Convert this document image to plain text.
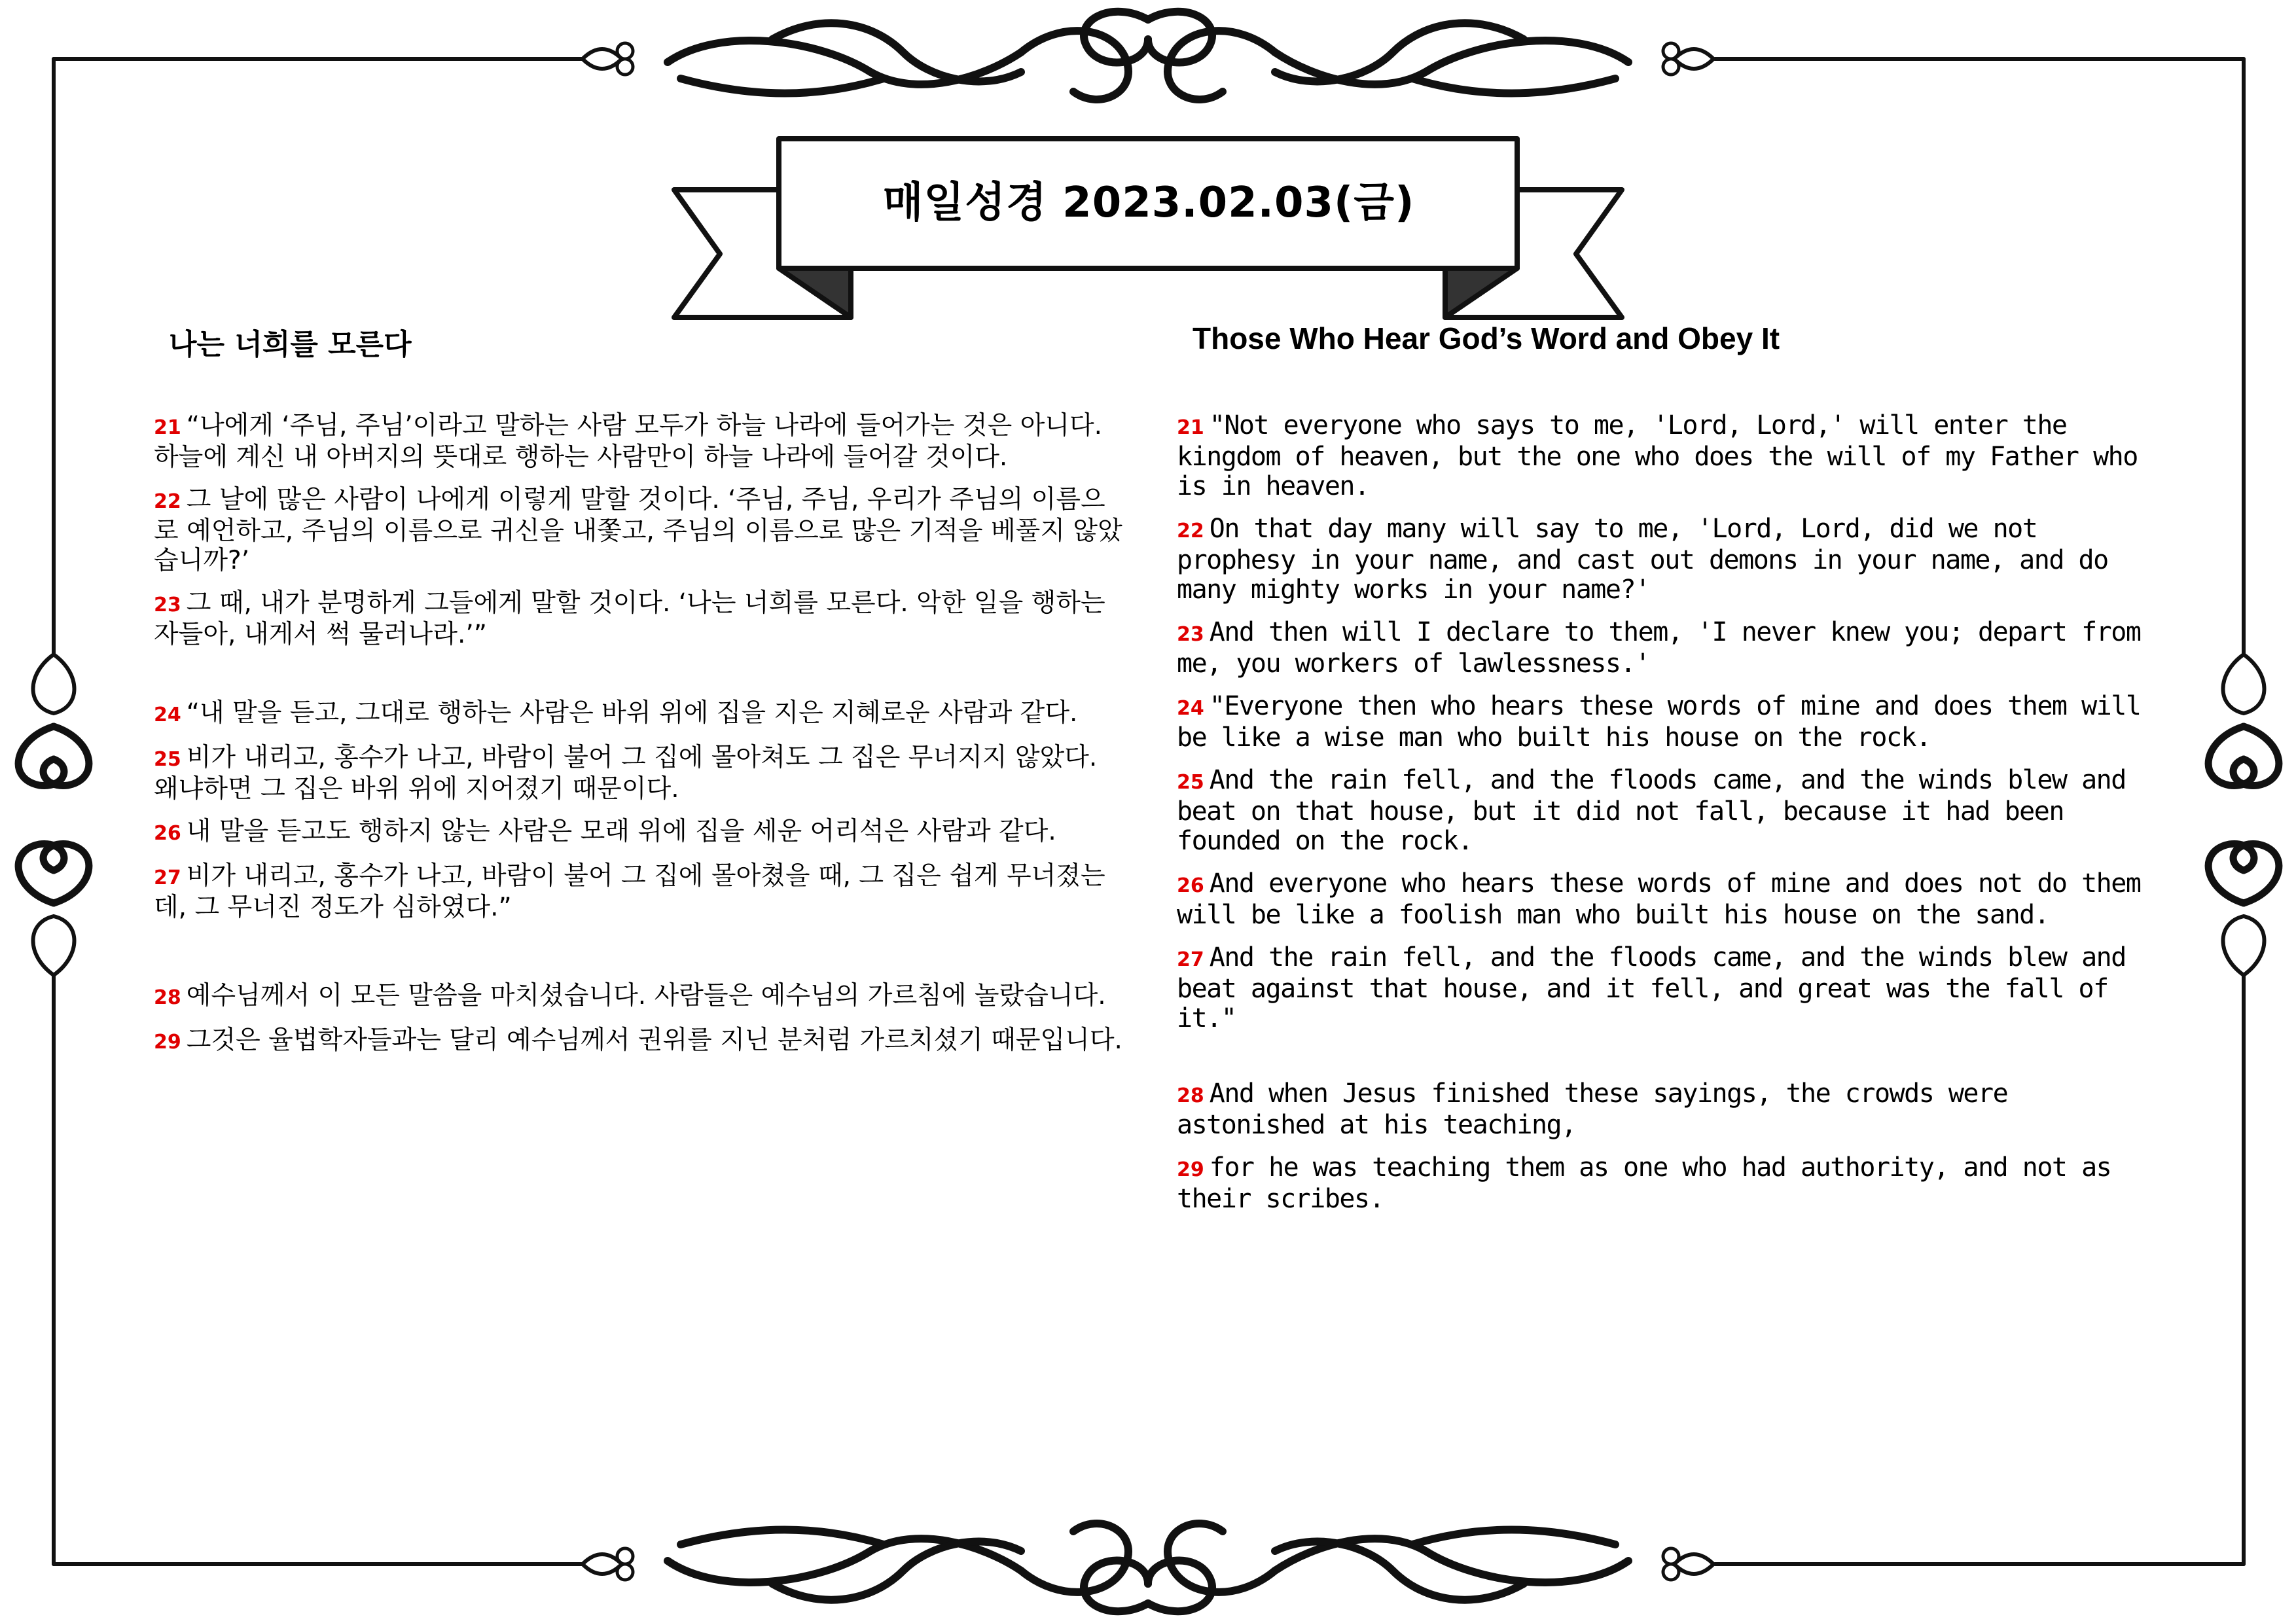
매일성경 2023.02.03(금)
나는 너희를 모른다	Those Who Hear God’s Word and Obey It
21 “나에게 ‘주님, 주님’이라고 말하는 사람 모두가 하늘 나라에 들어가는 것은 아니다. 하늘에 계신 내 아버지의 뜻대로 행하는 사람만이 하늘 나라에 들어갈 것이다.
22 그 날에 많은 사람이 나에게 이렇게 말할 것이다. ‘주님, 주님, 우리가 주님의 이름으로 예언하고, 주님의 이름으로 귀신을 내쫓고, 주님의 이름으로 많은 기적을 베풀지 않았습니까?’
23 그 때, 내가 분명하게 그들에게 말할 것이다. ‘나는 너희를 모른다. 악한 일을 행하는 자들아, 내게서 썩 물러나라.’”
24 “내 말을 듣고, 그대로 행하는 사람은 바위 위에 집을 지은 지혜로운 사람과 같다.
25 비가 내리고, 홍수가 나고, 바람이 불어 그 집에 몰아쳐도 그 집은 무너지지 않았다. 왜냐하면 그 집은 바위 위에 지어졌기 때문이다.
26 내 말을 듣고도 행하지 않는 사람은 모래 위에 집을 세운 어리석은 사람과 같다.
27 비가 내리고, 홍수가 나고, 바람이 불어 그 집에 몰아쳤을 때, 그 집은 쉽게 무너졌는데, 그 무너진 정도가 심하였다.”
28 예수님께서 이 모든 말씀을 마치셨습니다. 사람들은 예수님의 가르침에 놀랐습니다.
29 그것은 율법학자들과는 달리 예수님께서 권위를 지닌 분처럼 가르치셨기 때문입니다.
21 "Not everyone who says to me, 'Lord, Lord,' will enter the kingdom of heaven, but the one who does the will of my Father who is in heaven.
22 On that day many will say to me, 'Lord, Lord, did we not prophesy in your name, and cast out demons in your name, and do many mighty works in your name?'
23 And then will I declare to them, 'I never knew you; depart from me, you workers of lawlessness.'
24 "Everyone then who hears these words of mine and does them will be like a wise man who built his house on the rock.
25 And the rain fell, and the floods came, and the winds blew and beat on that house, but it did not fall, because it had been founded on the rock.
26 And everyone who hears these words of mine and does not do them will be like a foolish man who built his house on the sand.
27 And the rain fell, and the floods came, and the winds blew and beat against that house, and it fell, and great was the fall of it."
28 And when Jesus finished these sayings, the crowds were astonished at his teaching,
29 for he was teaching them as one who had authority, and not as their scribes.
